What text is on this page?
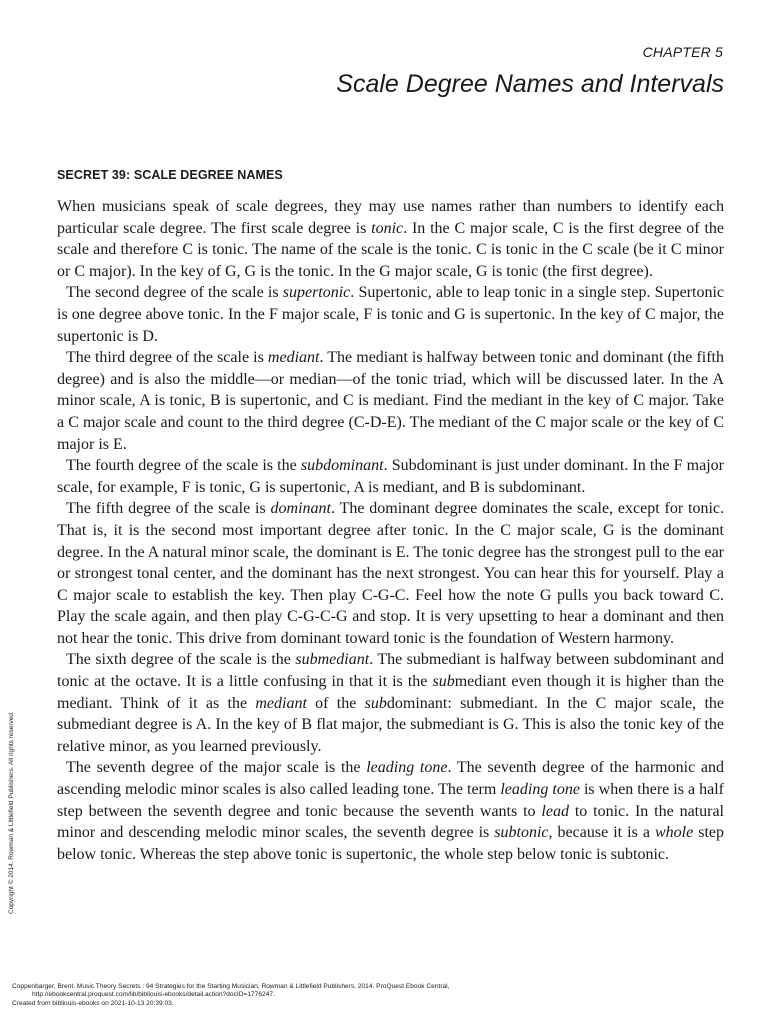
CHAPTER 5
Scale Degree Names and Intervals
SECRET 39: SCALE DEGREE NAMES

When musicians speak of scale degrees, they may use names rather than numbers to identify each particular scale degree. The first scale degree is tonic. In the C major scale, C is the first degree of the scale and therefore C is tonic. The name of the scale is the tonic. C is tonic in the C scale (be it C minor or C major). In the key of G, G is the tonic. In the G major scale, G is tonic (the first degree).

The second degree of the scale is supertonic. Supertonic, able to leap tonic in a single step. Supertonic is one degree above tonic. In the F major scale, F is tonic and G is supertonic. In the key of C major, the supertonic is D.

The third degree of the scale is mediant. The mediant is halfway between tonic and dominant (the fifth degree) and is also the middle—or median—of the tonic triad, which will be discussed later. In the A minor scale, A is tonic, B is supertonic, and C is mediant. Find the mediant in the key of C major. Take a C major scale and count to the third degree (C-D-E). The mediant of the C major scale or the key of C major is E.

The fourth degree of the scale is the subdominant. Subdominant is just under dominant. In the F major scale, for example, F is tonic, G is supertonic, A is mediant, and B is subdominant.

The fifth degree of the scale is dominant. The dominant degree dominates the scale, except for tonic. That is, it is the second most important degree after tonic. In the C major scale, G is the dominant degree. In the A natural minor scale, the dominant is E. The tonic degree has the strongest pull to the ear or strongest tonal center, and the dominant has the next strongest. You can hear this for yourself. Play a C major scale to establish the key. Then play C-G-C. Feel how the note G pulls you back toward C. Play the scale again, and then play C-G-C-G and stop. It is very upsetting to hear a dominant and then not hear the tonic. This drive from dominant toward tonic is the foundation of Western harmony.

The sixth degree of the scale is the submediant. The submediant is halfway between subdominant and tonic at the octave. It is a little confusing in that it is the submediant even though it is higher than the mediant. Think of it as the mediant of the subdominant: submediant. In the C major scale, the submediant degree is A. In the key of B flat major, the submediant is G. This is also the tonic key of the relative minor, as you learned previously.

The seventh degree of the major scale is the leading tone. The seventh degree of the harmonic and ascending melodic minor scales is also called leading tone. The term leading tone is when there is a half step between the seventh degree and tonic because the seventh wants to lead to tonic. In the natural minor and descending melodic minor scales, the seventh degree is subtonic, because it is a whole step below tonic. Whereas the step above tonic is supertonic, the whole step below tonic is subtonic.

Copyright © 2014. Rowman & Littlefield Publishers. All rights reserved.
Coppenbarger, Brent. Music Theory Secrets : 94 Strategies for the Starting Musician, Rowman & Littlefield Publishers, 2014. ProQuest Ebook Central,
http://ebookcentral.proquest.com/lib/bibliouis-ebooks/detail.action?docID=1776247.
Created from bibliouis-ebooks on 2021-10-13 20:39:03.
